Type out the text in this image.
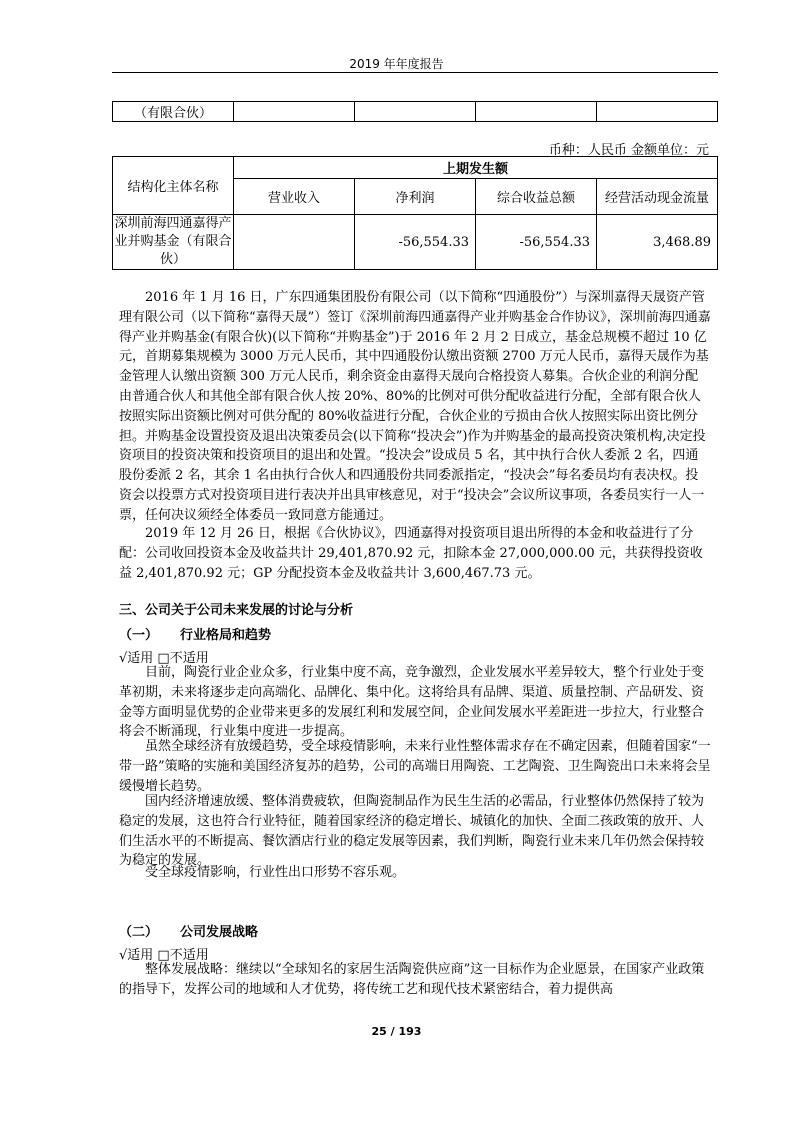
2019 年年度报告
（有限合伙）				
币种：人民币 金额单位：元
结构化主体名称	上期发生额			
	营业收入	净利润	综合收益总额	经营活动现金流量
深圳前海四通嘉得产业并购基金（有限合伙）		-56,554.33	-56,554.33	3,468.89

2016 年 1 月 16 日，广东四通集团股份有限公司（以下简称“四通股份”）与深圳嘉得天晟资产管理有限公司（以下简称“嘉得天晟”）签订《深圳前海四通嘉得产业并购基金合作协议》，深圳前海四通嘉得产业并购基金(有限合伙)(以下简称“并购基金”)于 2016 年 2 月 2 日成立，基金总规模不超过 10 亿元，首期募集规模为 3000 万元人民币，其中四通股份认缴出资额 2700 万元人民币，嘉得天晟作为基金管理人认缴出资额 300 万元人民币，剩余资金由嘉得天晟向合格投资人募集。合伙企业的利润分配由普通合伙人和其他全部有限合伙人按 20%、80%的比例对可供分配收益进行分配，全部有限合伙人按照实际出资额比例对可供分配的 80%收益进行分配，合伙企业的亏损由合伙人按照实际出资比例分担。并购基金设置投资及退出决策委员会(以下简称“投决会”)作为并购基金的最高投资决策机构,决定投资项目的投资决策和投资项目的退出和处置。“投决会”设成员 5 名，其中执行合伙人委派 2 名，四通股份委派 2 名，其余 1 名由执行合伙人和四通股份共同委派指定，“投决会”每名委员均有表决权。投资会以投票方式对投资项目进行表决并出具审核意见，对于“投决会”会议所议事项，各委员实行一人一票，任何决议须经全体委员一致同意方能通过。

2019 年 12 月 26 日，根据《合伙协议》，四通嘉得对投资项目退出所得的本金和收益进行了分配：公司收回投资本金及收益共计 29,401,870.92 元，扣除本金 27,000,000.00 元，共获得投资收益 2,401,870.92 元；GP 分配投资本金及收益共计 3,600,467.73 元。

三、公司关于公司未来发展的讨论与分析
（一） 行业格局和趋势
√适用 □不适用

目前，陶瓷行业企业众多，行业集中度不高，竞争激烈，企业发展水平差异较大，整个行业处于变革初期，未来将逐步走向高端化、品牌化、集中化。这将给具有品牌、渠道、质量控制、产品研发、资金等方面明显优势的企业带来更多的发展红利和发展空间，企业间发展水平差距进一步拉大，行业整合将会不断涌现，行业集中度进一步提高。

虽然全球经济有放缓趋势，受全球疫情影响，未来行业性整体需求存在不确定因素，但随着国家“一带一路”策略的实施和美国经济复苏的趋势，公司的高端日用陶瓷、工艺陶瓷、卫生陶瓷出口未来将会呈缓慢增长趋势。

国内经济增速放缓、整体消费疲软，但陶瓷制品作为民生生活的必需品，行业整体仍然保持了较为稳定的发展，这也符合行业特征，随着国家经济的稳定增长、城镇化的加快、全面二孩政策的放开、人们生活水平的不断提高、餐饮酒店行业的稳定发展等因素，我们判断，陶瓷行业未来几年仍然会保持较为稳定的发展。

受全球疫情影响，行业性出口形势不容乐观。

（二） 公司发展战略
√适用 □不适用

整体发展战略：继续以“全球知名的家居生活陶瓷供应商”这一目标作为企业愿景，在国家产业政策的指导下，发挥公司的地域和人才优势，将传统工艺和现代技术紧密结合，着力提供高

25 / 193
